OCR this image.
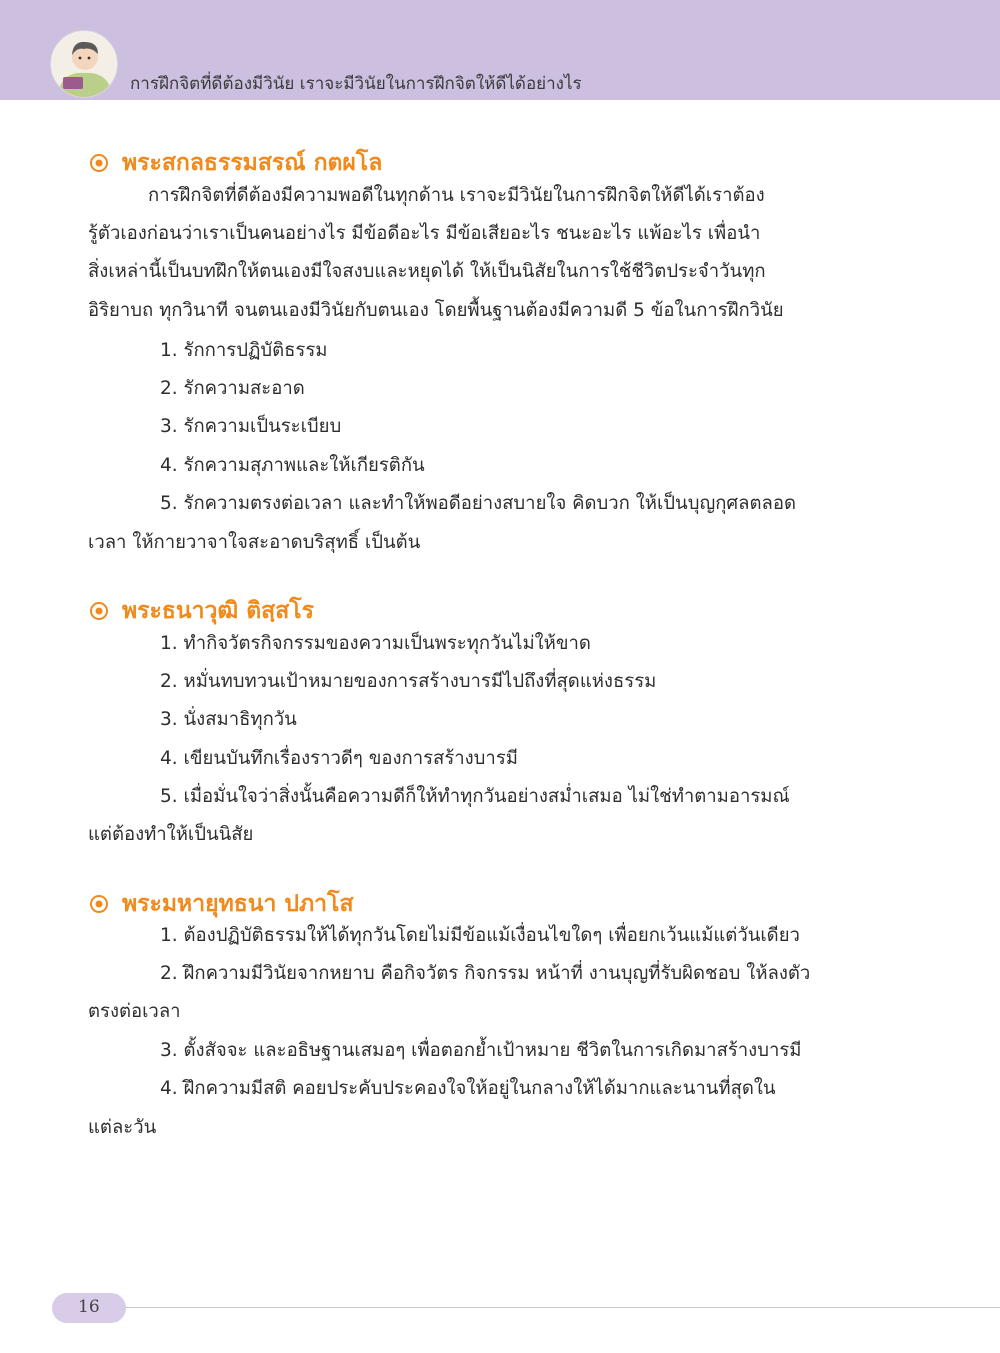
การฝึกจิตที่ดีต้องมีวินัย เราจะมีวินัยในการฝึกจิตให้ดีได้อย่างไร
พระสกลธรรมสรณ์ กตผโล
การฝึกจิตที่ดีต้องมีความพอดีในทุกด้าน เราจะมีวินัยในการฝึกจิตให้ดีได้เราต้อง
รู้ตัวเองก่อนว่าเราเป็นคนอย่างไร มีข้อดีอะไร มีข้อเสียอะไร ชนะอะไร แพ้อะไร เพื่อนำ
สิ่งเหล่านี้เป็นบทฝึกให้ตนเองมีใจสงบและหยุดได้ ให้เป็นนิสัยในการใช้ชีวิตประจำวันทุก
อิริยาบถ ทุกวินาที จนตนเองมีวินัยกับตนเอง โดยพื้นฐานต้องมีความดี 5 ข้อในการฝึกวินัย
1. รักการปฏิบัติธรรม
2. รักความสะอาด
3. รักความเป็นระเบียบ
4. รักความสุภาพและให้เกียรติกัน
5. รักความตรงต่อเวลา และทำให้พอดีอย่างสบายใจ คิดบวก ให้เป็นบุญกุศลตลอด
เวลา ให้กายวาจาใจสะอาดบริสุทธิ์ เป็นต้น
พระธนาวุฒิ ติสฺสโร
1. ทำกิจวัตรกิจกรรมของความเป็นพระทุกวันไม่ให้ขาด
2. หมั่นทบทวนเป้าหมายของการสร้างบารมีไปถึงที่สุดแห่งธรรม
3. นั่งสมาธิทุกวัน
4. เขียนบันทึกเรื่องราวดีๆ ของการสร้างบารมี
5. เมื่อมั่นใจว่าสิ่งนั้นคือความดีก็ให้ทำทุกวันอย่างสม่ำเสมอ ไม่ใช่ทำตามอารมณ์
แต่ต้องทำให้เป็นนิสัย
พระมหายุทธนา ปภาโส
1. ต้องปฏิบัติธรรมให้ได้ทุกวันโดยไม่มีข้อแม้เงื่อนไขใดๆ เพื่อยกเว้นแม้แต่วันเดียว
2. ฝึกความมีวินัยจากหยาบ คือกิจวัตร กิจกรรม หน้าที่ งานบุญที่รับผิดชอบ ให้ลงตัว
ตรงต่อเวลา
3. ตั้งสัจจะ และอธิษฐานเสมอๆ เพื่อตอกย้ำเป้าหมาย ชีวิตในการเกิดมาสร้างบารมี
4. ฝึกความมีสติ คอยประคับประคองใจให้อยู่ในกลางให้ได้มากและนานที่สุดใน
แต่ละวัน
16
